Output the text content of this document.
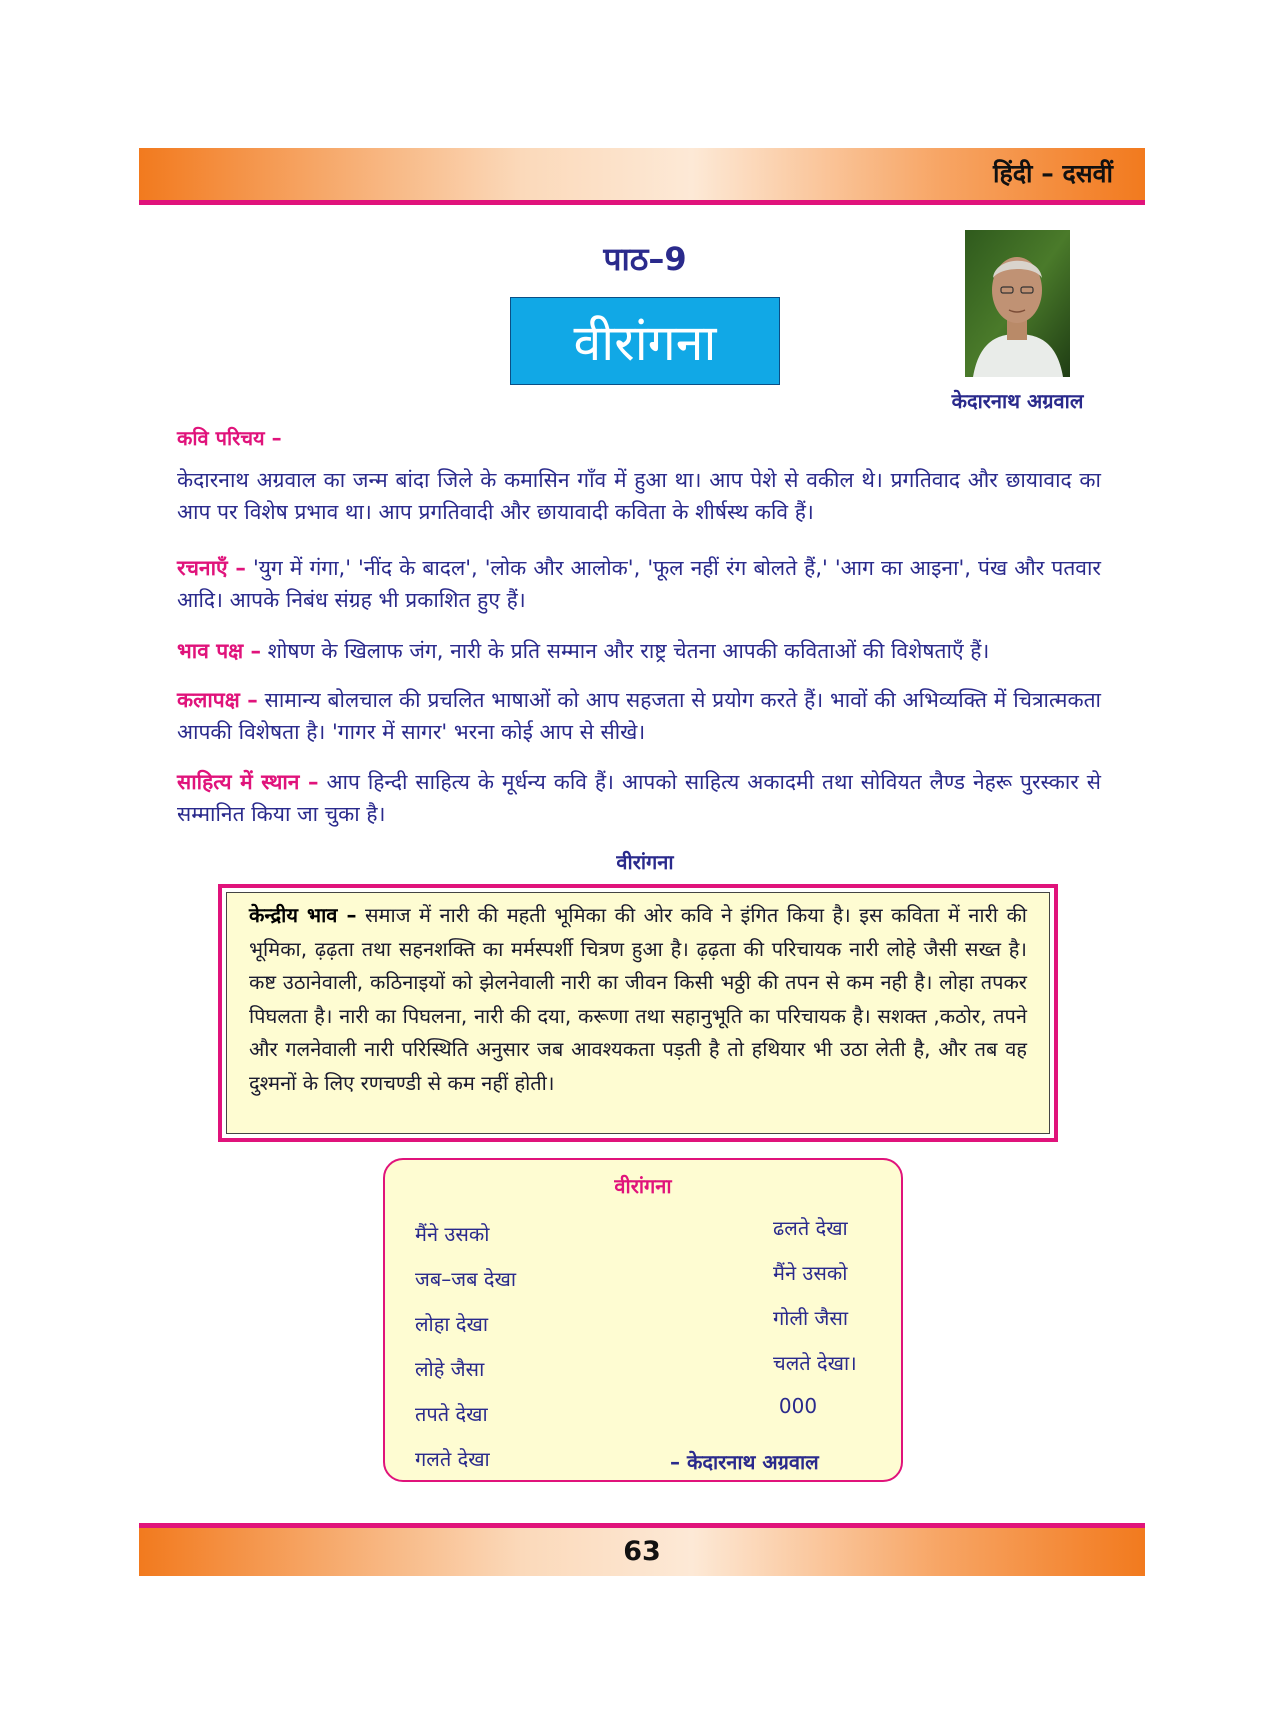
हिंदी – दसवीं
पाठ–9
वीरांगना
केदारनाथ अग्रवाल
कवि परिचय –

केदारनाथ अग्रवाल का जन्म बांदा जिले के कमासिन गाँव में हुआ था। आप पेशे से वकील थे। प्रगतिवाद और छायावाद का आप पर विशेष प्रभाव था। आप प्रगतिवादी और छायावादी कविता के शीर्षस्थ कवि हैं।

रचनाएँ – 'युग में गंगा,' 'नींद के बादल', 'लोक और आलोक', 'फूल नहीं रंग बोलते हैं,' 'आग का आइना', पंख और पतवार आदि। आपके निबंध संग्रह भी प्रकाशित हुए हैं।

भाव पक्ष – शोषण के खिलाफ जंग, नारी के प्रति सम्मान और राष्ट्र चेतना आपकी कविताओं की विशेषताएँ हैं।

कलापक्ष – सामान्य बोलचाल की प्रचलित भाषाओं को आप सहजता से प्रयोग करते हैं। भावों की अभिव्यक्ति में चित्रात्मकता आपकी विशेषता है। 'गागर में सागर' भरना कोई आप से सीखे।

साहित्य में स्थान – आप हिन्दी साहित्य के मूर्धन्य कवि हैं। आपको साहित्य अकादमी तथा सोवियत लैण्ड नेहरू पुरस्कार से सम्मानित किया जा चुका है।

वीरांगना

केन्द्रीय भाव – समाज में नारी की महती भूमिका की ओर कवि ने इंगित किया है। इस कविता में नारी की भूमिका, ढ़ढ़ता तथा सहनशक्ति का मर्मस्पर्शी चित्रण हुआ है। ढ़ढ़ता की परिचायक नारी लोहे जैसी सख्त है। कष्ट उठानेवाली, कठिनाइयों को झेलनेवाली नारी का जीवन किसी भठ्ठी की तपन से कम नही है। लोहा तपकर पिघलता है। नारी का पिघलना, नारी की दया, करूणा तथा सहानुभूति का परिचायक है। सशक्त ,कठोर, तपने और गलनेवाली नारी परिस्थिति अनुसार जब आवश्यकता पड़ती है तो हथियार भी उठा लेती है, और तब वह दुश्मनों के लिए रणचण्डी से कम नहीं होती।

वीरांगना
मैंने उसको
जब–जब देखा
लोहा देखा
लोहे जैसा
तपते देखा
गलते देखा
ढलते देखा
मैंने उसको
गोली जैसा
चलते देखा।
000
– केदारनाथ अग्रवाल
63
